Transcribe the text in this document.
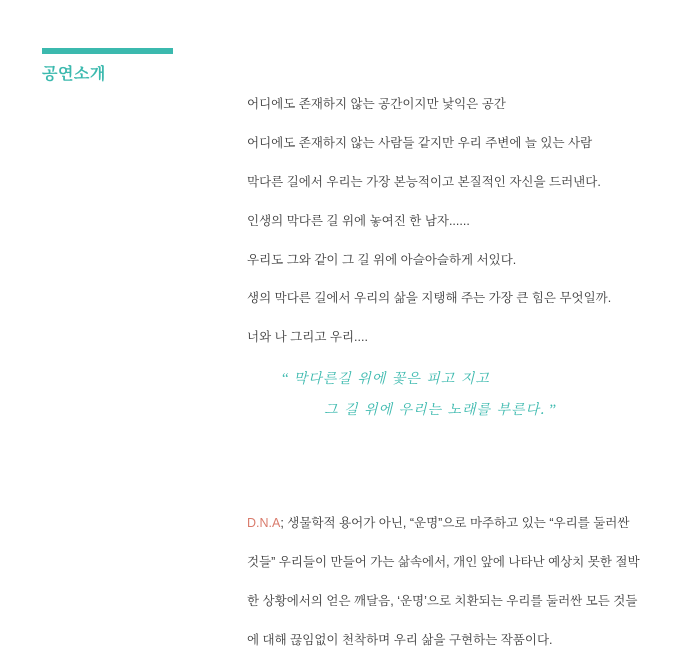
공연소개
어디에도 존재하지 않는 공간이지만 낯익은 공간
어디에도 존재하지 않는 사람들 같지만 우리 주변에 늘 있는 사람
막다른 길에서 우리는 가장 본능적이고 본질적인 자신을 드러낸다.
인생의 막다른 길 위에 놓여진 한 남자......
우리도 그와 같이 그 길 위에 아슬아슬하게 서있다.
생의 막다른 길에서 우리의 삶을 지탱해 주는 가장 큰 힘은 무엇일까.
너와 나 그리고 우리....
“ 막다른길 위에 꽃은 피고 지고
그 길 위에 우리는 노래를 부른다. ”
D.N.A; 생물학적 용어가 아닌, “운명”으로 마주하고 있는 “우리를 둘러싼
것들” 우리들이 만들어 가는 삶속에서, 개인 앞에 나타난 예상치 못한 절박
한 상황에서의 얻은 깨달음, ‘운명’으로 치환되는 우리를 둘러싼 모든 것들
에 대해 끊임없이 천착하며 우리 삶을 구현하는 작품이다.
